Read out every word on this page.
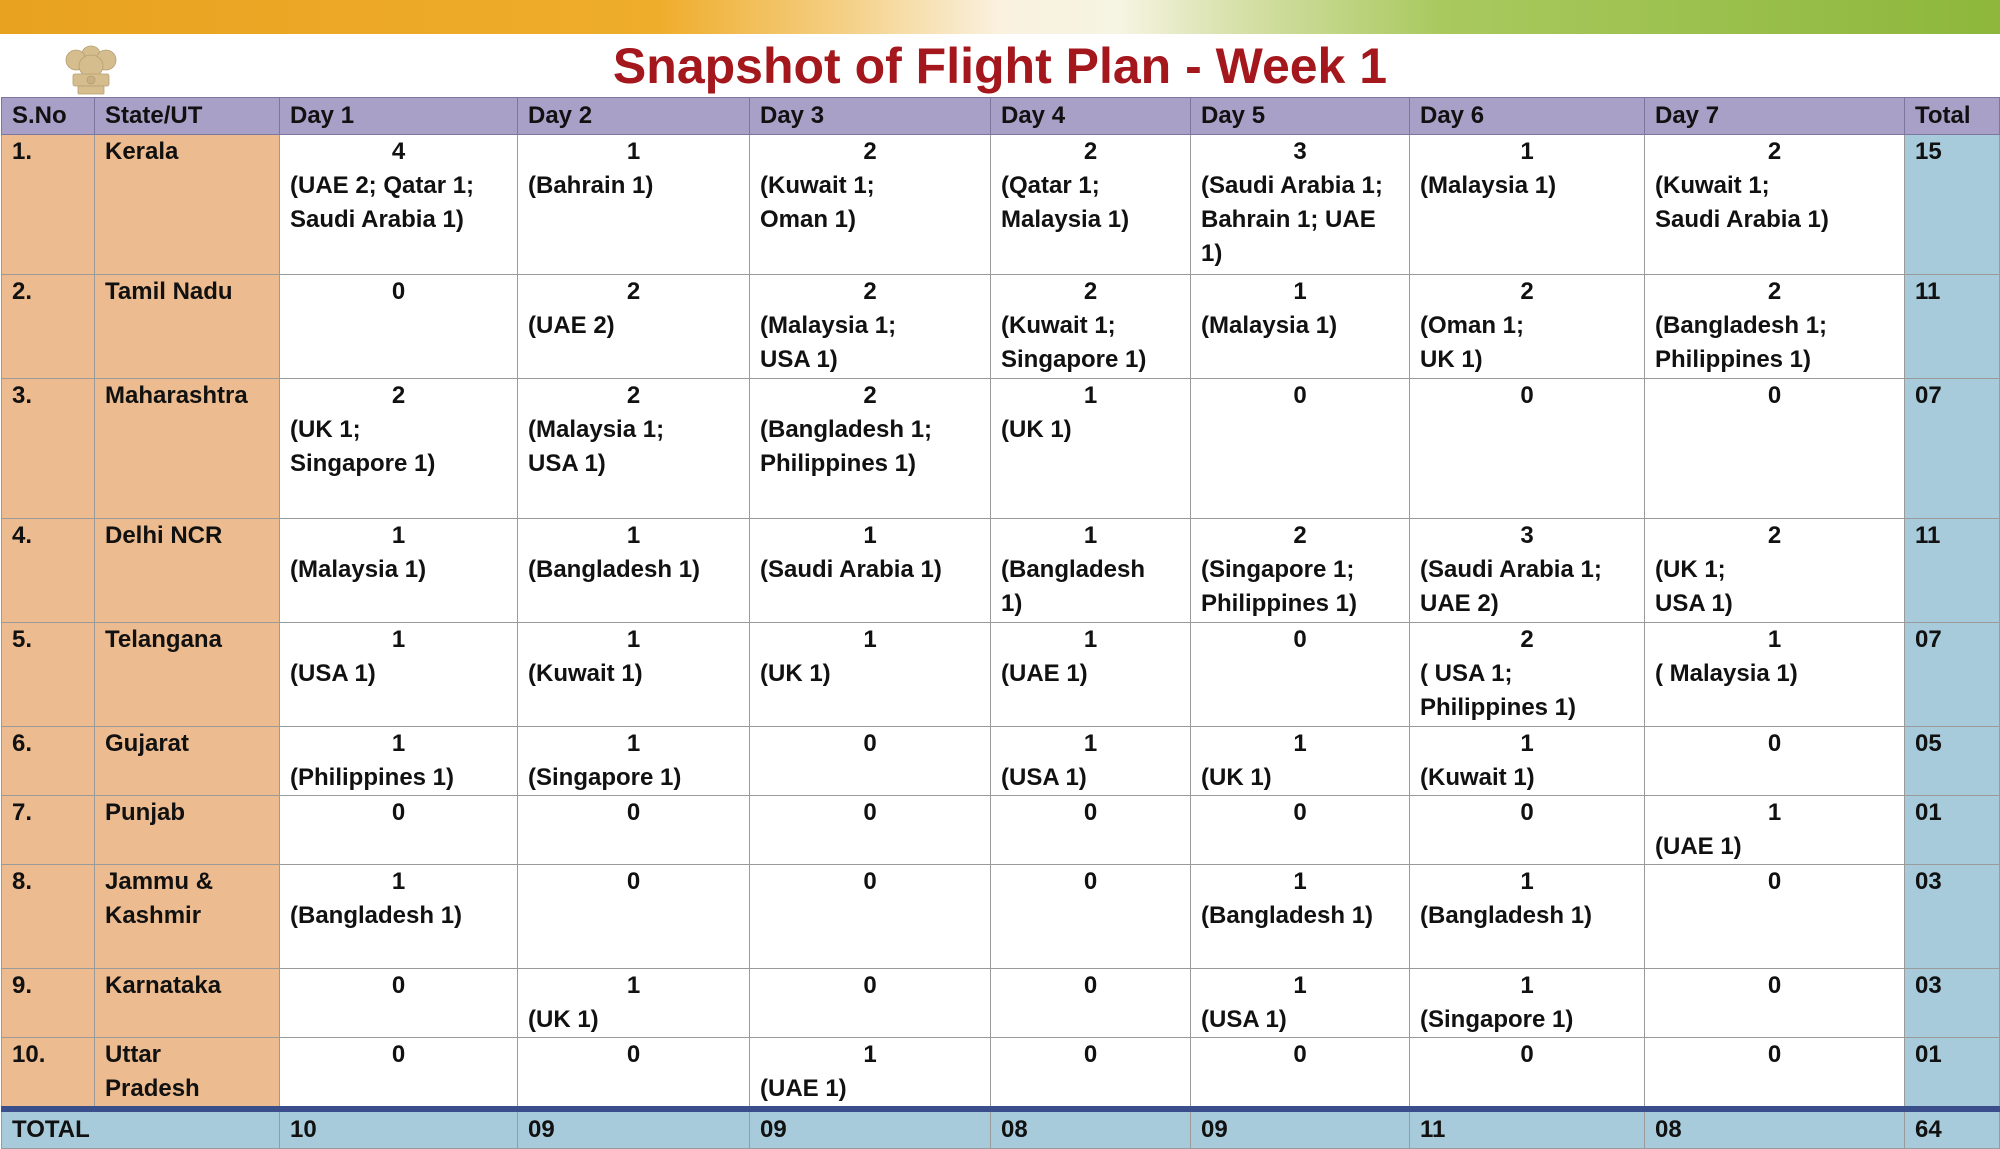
Snapshot of Flight Plan - Week 1
S.No	State/UT	Day 1	Day 2	Day 3	Day 4	Day 5	Day 6	Day 7	Total
1.	Kerala	4
(UAE 2; Qatar 1;
Saudi Arabia 1)	1
(Bahrain 1)	2
(Kuwait 1;
Oman 1)	2
(Qatar 1;
Malaysia 1)	3
(Saudi Arabia 1;
Bahrain 1; UAE
1)	1
(Malaysia 1)	2
(Kuwait 1;
Saudi Arabia 1)	15
2.	Tamil Nadu	0	2
(UAE 2)	2
(Malaysia 1;
USA 1)	2
(Kuwait 1;
Singapore 1)	1
(Malaysia 1)	2
(Oman 1;
UK 1)	2
(Bangladesh 1;
Philippines 1)	11
3.	Maharashtra	2
(UK 1;
Singapore 1)	2
(Malaysia 1;
USA 1)	2
(Bangladesh 1;
Philippines 1)	1
(UK 1)	0	0	0	07
4.	Delhi NCR	1
(Malaysia 1)	1
(Bangladesh 1)	1
(Saudi Arabia 1)	1
(Bangladesh
1)	2
(Singapore 1;
Philippines 1)	3
(Saudi Arabia 1;
UAE 2)	2
(UK 1;
USA 1)	11
5.	Telangana	1
(USA 1)	1
(Kuwait 1)	1
(UK 1)	1
(UAE 1)	0	2
( USA 1;
Philippines 1)	1
( Malaysia 1)	07
6.	Gujarat	1
(Philippines 1)	1
(Singapore 1)	0	1
(USA 1)	1
(UK 1)	1
(Kuwait 1)	0	05
7.	Punjab	0	0	0	0	0	0	1
(UAE 1)	01
8.	Jammu &
Kashmir	1
(Bangladesh 1)	0	0	0	1
(Bangladesh 1)	1
(Bangladesh 1)	0	03
9.	Karnataka	0	1
(UK 1)	0	0	1
(USA 1)	1
(Singapore 1)	0	03
10.	Uttar
Pradesh	0	0	1
(UAE 1)	0	0	0	0	01
TOTAL		10	09	09	08	09	11	08	64
